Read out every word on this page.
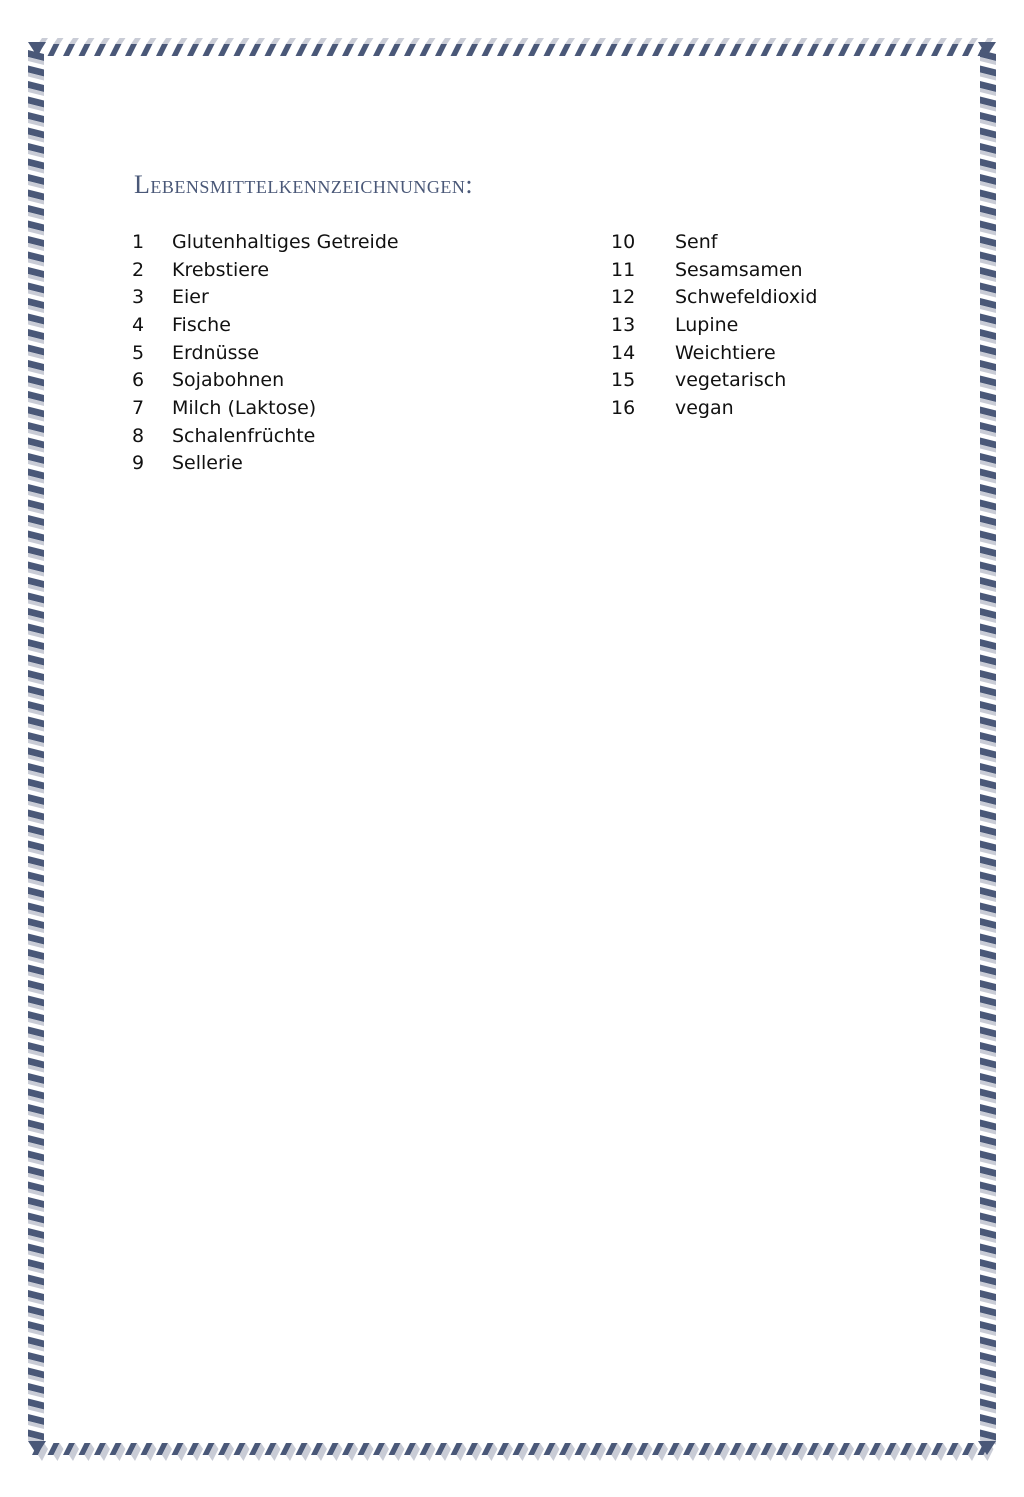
Lebensmittelkennzeichnungen:
1	Glutenhaltiges Getreide
2	Krebstiere
3	Eier
4	Fische
5	Erdnüsse
6	Sojabohnen
7	Milch (Laktose)
8	Schalenfrüchte
9	Sellerie
10	Senf
11	Sesamsamen
12	Schwefeldioxid
13	Lupine
14	Weichtiere
15	vegetarisch
16	vegan
